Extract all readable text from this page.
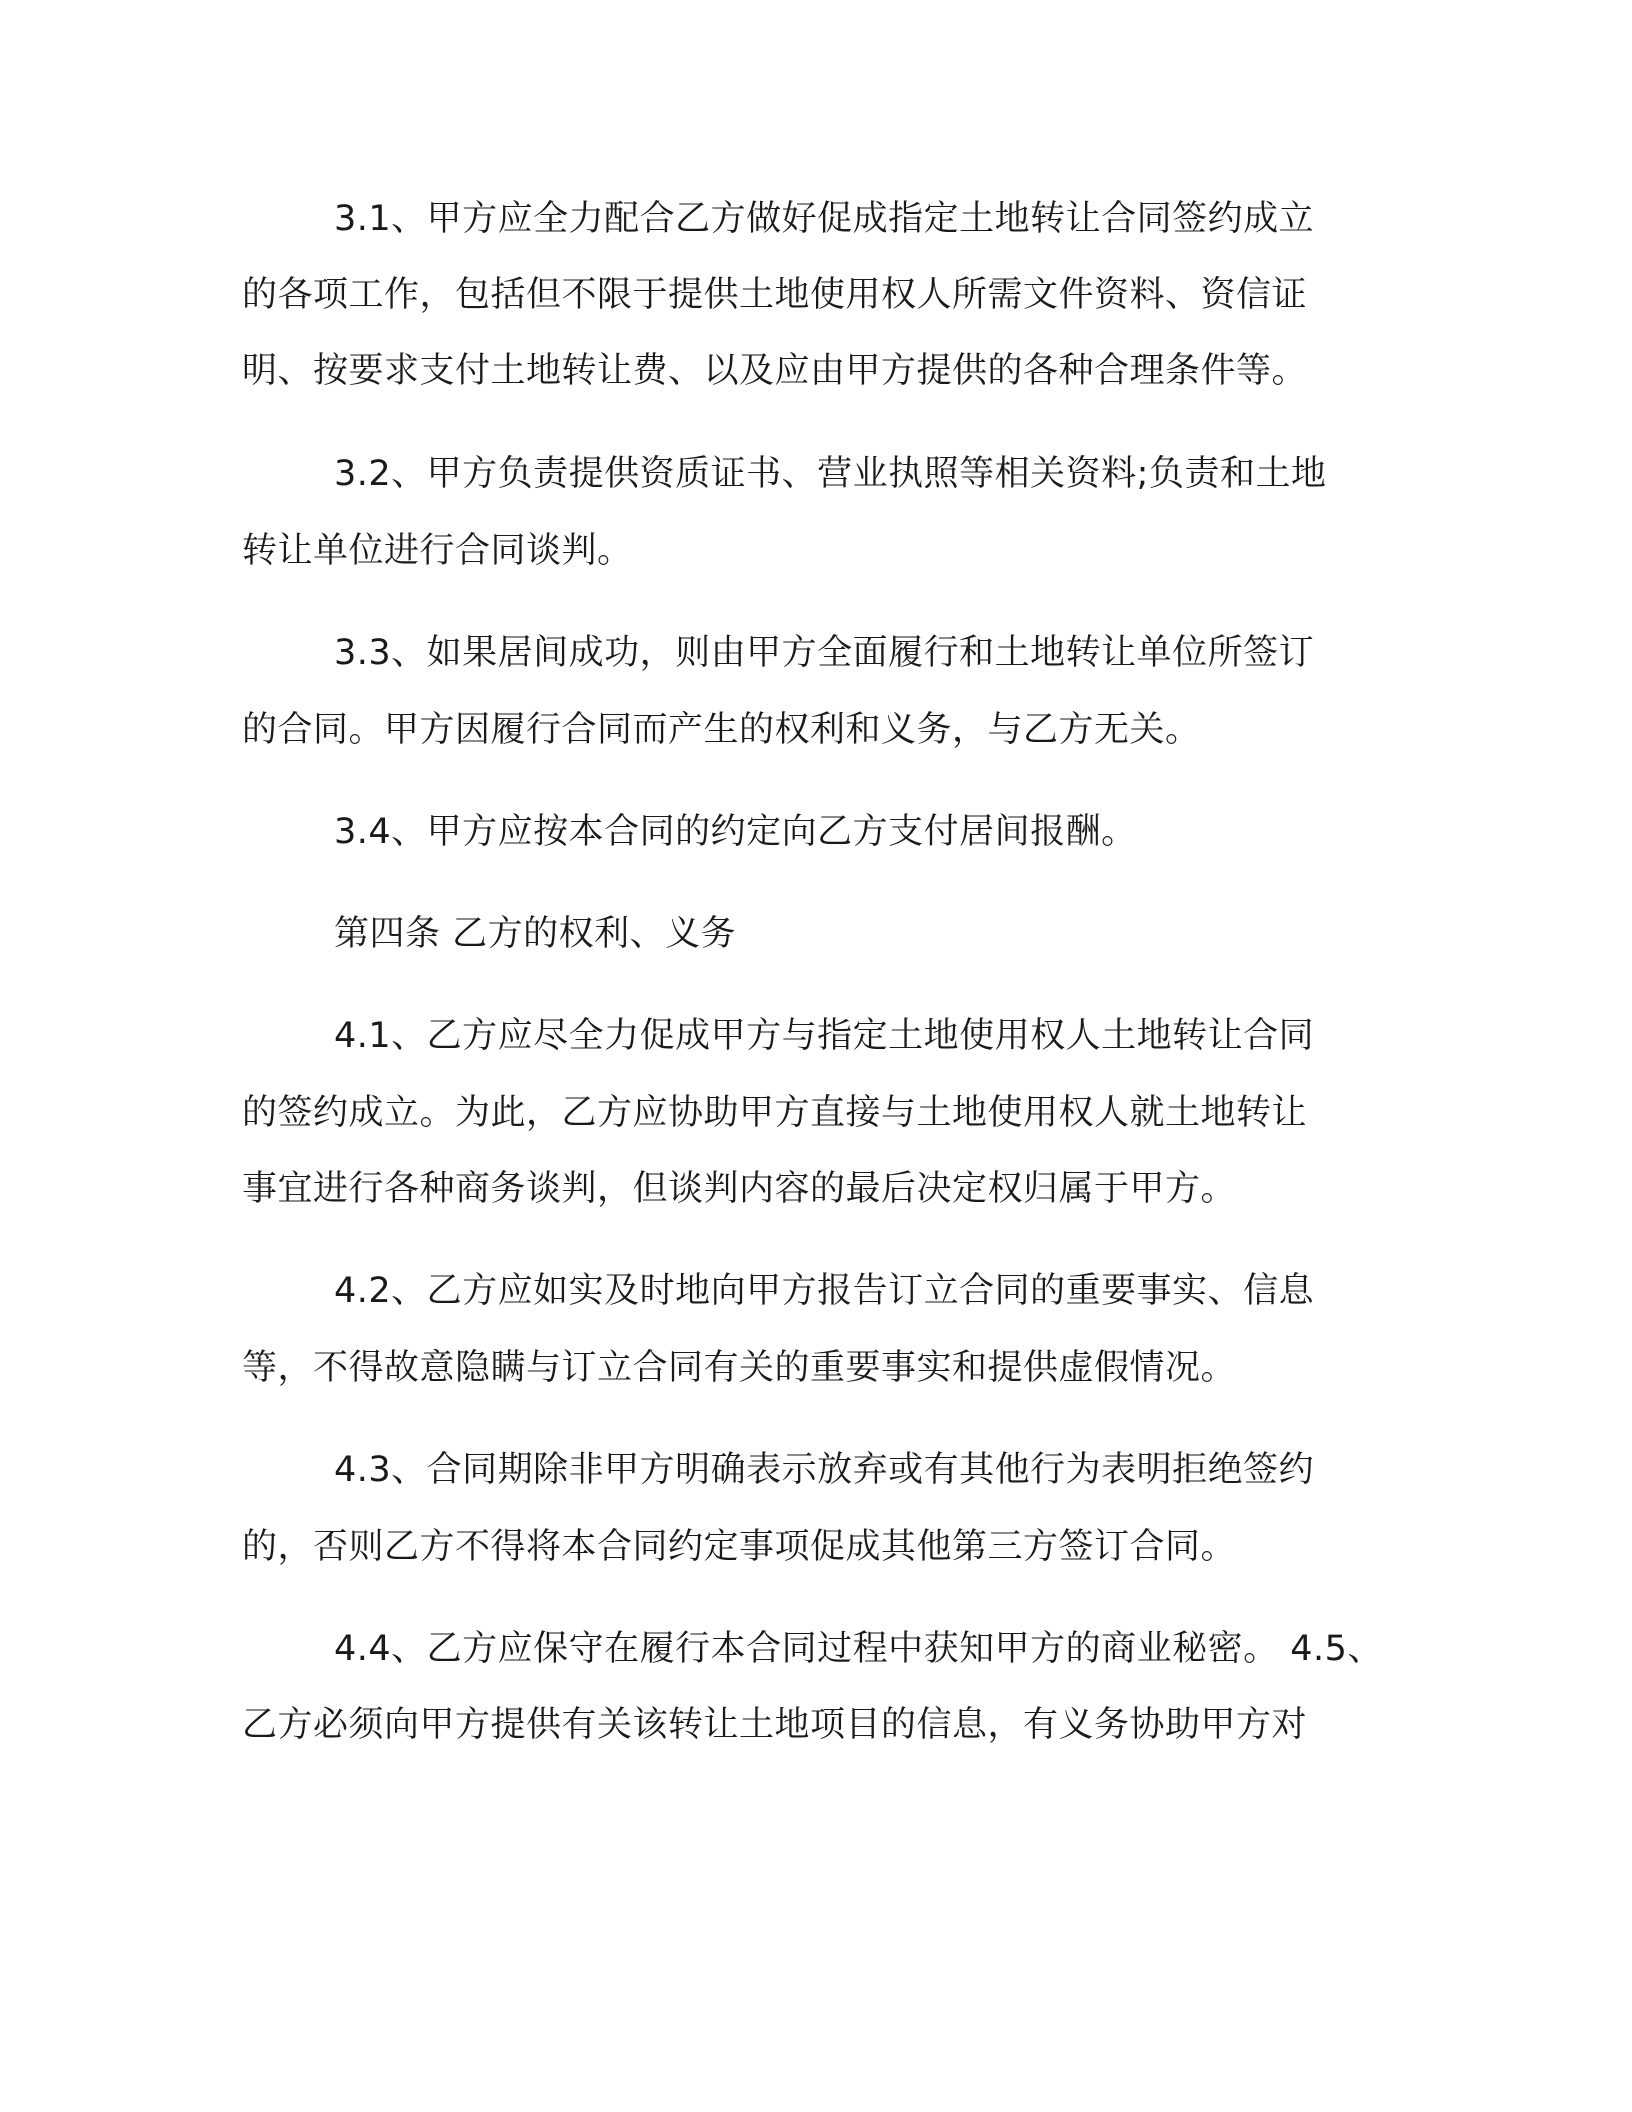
3.1、甲方应全力配合乙方做好促成指定土地转让合同签约成立
的各项工作，包括但不限于提供土地使用权人所需文件资料、资信证
明、按要求支付土地转让费、以及应由甲方提供的各种合理条件等。
3.2、甲方负责提供资质证书、营业执照等相关资料;负责和土地
转让单位进行合同谈判。
3.3、如果居间成功，则由甲方全面履行和土地转让单位所签订
的合同。甲方因履行合同而产生的权利和义务，与乙方无关。
3.4、甲方应按本合同的约定向乙方支付居间报酬。
第四条 乙方的权利、义务
4.1、乙方应尽全力促成甲方与指定土地使用权人土地转让合同
的签约成立。为此，乙方应协助甲方直接与土地使用权人就土地转让
事宜进行各种商务谈判，但谈判内容的最后决定权归属于甲方。
4.2、乙方应如实及时地向甲方报告订立合同的重要事实、信息
等，不得故意隐瞒与订立合同有关的重要事实和提供虚假情况。
4.3、合同期除非甲方明确表示放弃或有其他行为表明拒绝签约
的，否则乙方不得将本合同约定事项促成其他第三方签订合同。
4.4、乙方应保守在履行本合同过程中获知甲方的商业秘密。 4.5、
乙方必须向甲方提供有关该转让土地项目的信息，有义务协助甲方对
